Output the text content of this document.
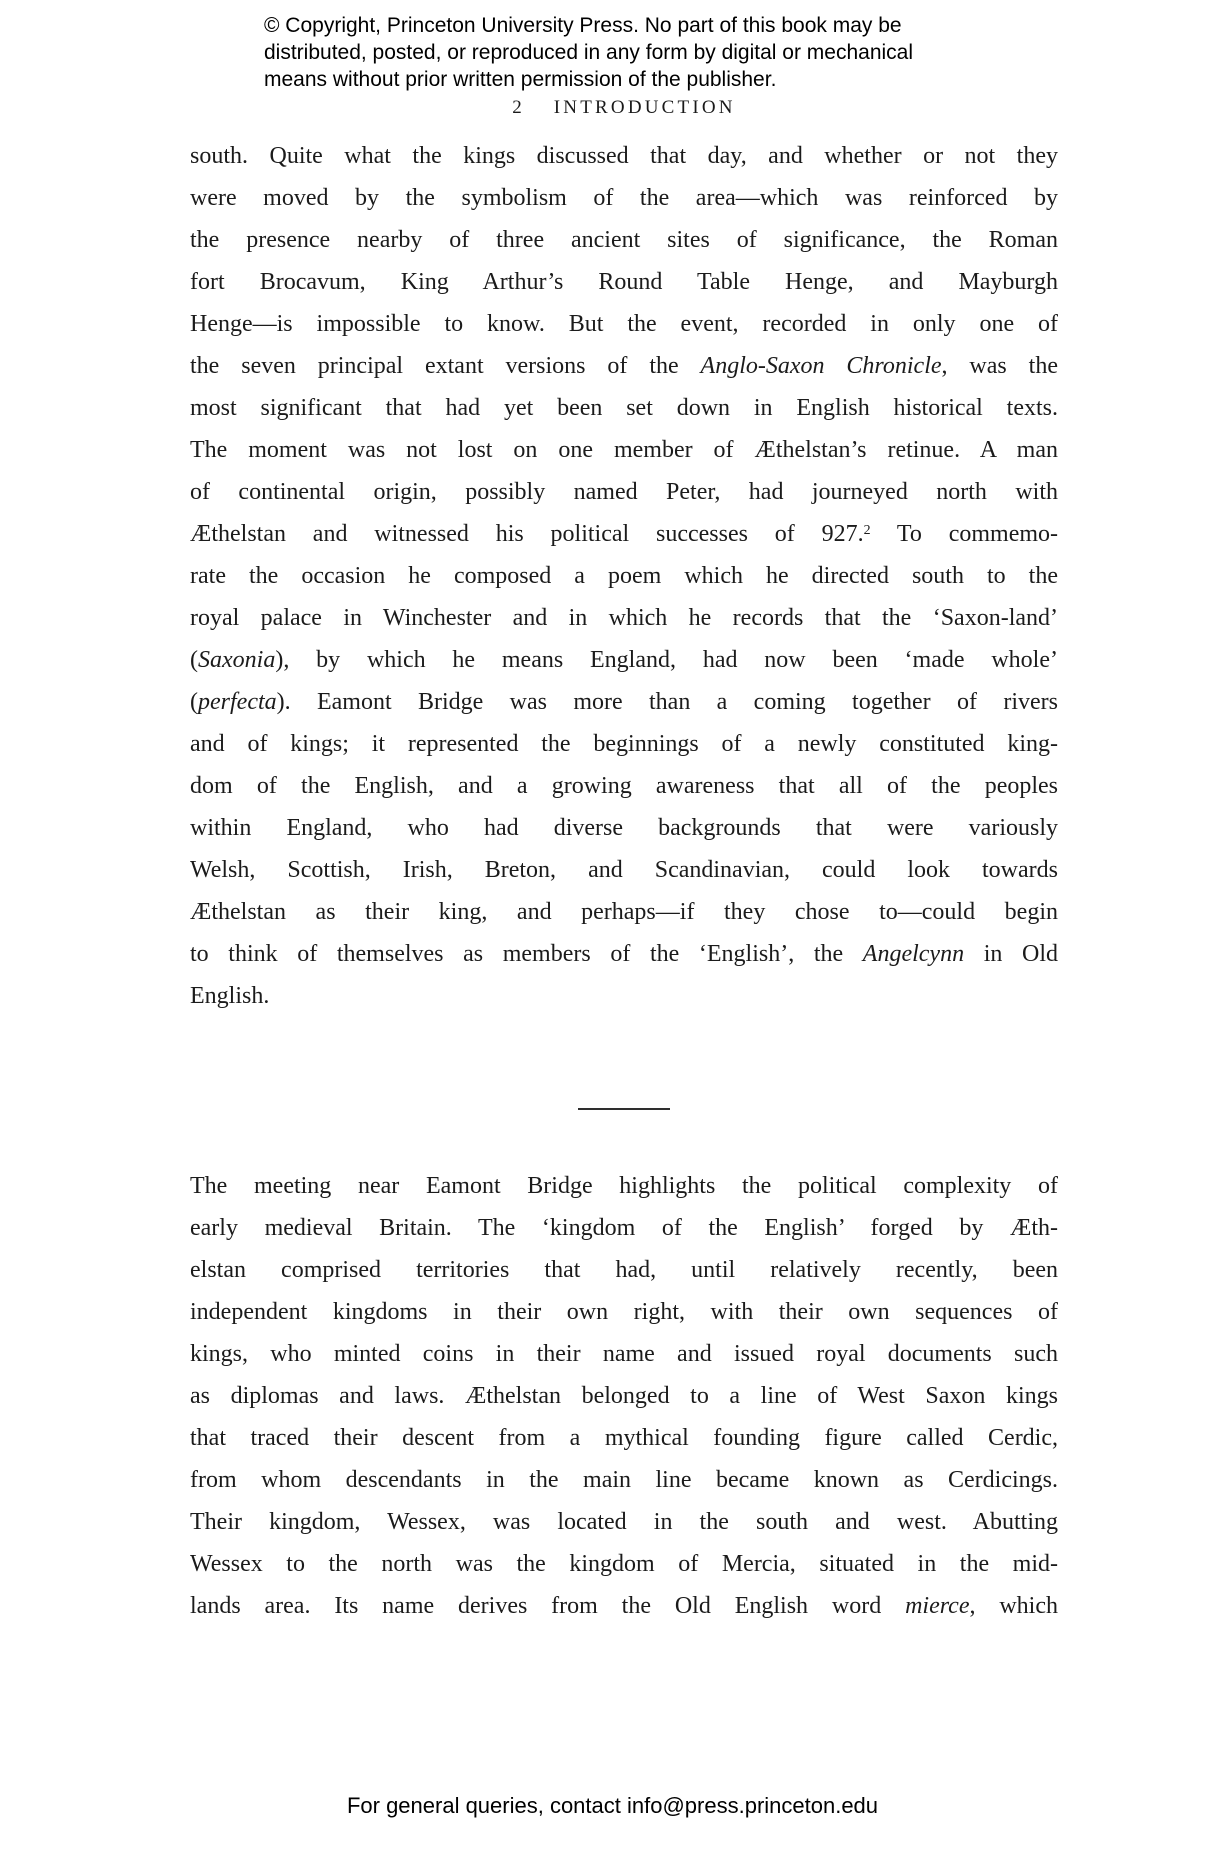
© Copyright, Princeton University Press. No part of this book may be
distributed, posted, or reproduced in any form by digital or mechanical
means without prior written permission of the publisher.
2 INTRODUCTION
south. Quite what the kings discussed that day, and whether or not they
were moved by the symbolism of the area—which was reinforced by
the presence nearby of three ancient sites of significance, the Roman
fort Brocavum, King Arthur’s Round Table Henge, and Mayburgh
Henge—is impossible to know. But the event, recorded in only one of
the seven principal extant versions of the Anglo-Saxon Chronicle, was the
most significant that had yet been set down in English historical texts.
The moment was not lost on one member of Æthelstan’s retinue. A man
of continental origin, possibly named Peter, had journeyed north with
Æthelstan and witnessed his political successes of 927.$^2$ To commemo-
rate the occasion he composed a poem which he directed south to the
royal palace in Winchester and in which he records that the ‘Saxon-land’
(Saxonia), by which he means England, had now been ‘made whole’
(perfecta). Eamont Bridge was more than a coming together of rivers
and of kings; it represented the beginnings of a newly constituted king-
dom of the English, and a growing awareness that all of the peoples
within England, who had diverse backgrounds that were variously
Welsh, Scottish, Irish, Breton, and Scandinavian, could look towards
Æthelstan as their king, and perhaps—if they chose to—could begin
to think of themselves as members of the ‘English’, the Angelcynn in Old
English.
The meeting near Eamont Bridge highlights the political complexity of
early medieval Britain. The ‘kingdom of the English’ forged by Æth-
elstan comprised territories that had, until relatively recently, been
independent kingdoms in their own right, with their own sequences of
kings, who minted coins in their name and issued royal documents such
as diplomas and laws. Æthelstan belonged to a line of West Saxon kings
that traced their descent from a mythical founding figure called Cerdic,
from whom descendants in the main line became known as Cerdicings.
Their kingdom, Wessex, was located in the south and west. Abutting
Wessex to the north was the kingdom of Mercia, situated in the mid-
lands area. Its name derives from the Old English word mierce, which
For general queries, contact info@press.princeton.edu
